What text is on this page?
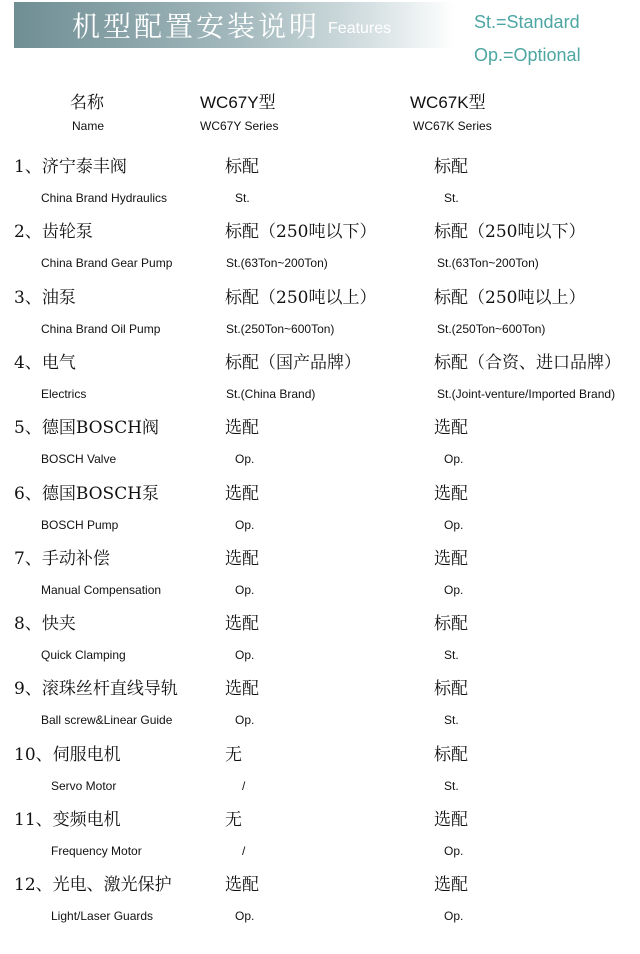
机型配置安装说明 Features	St.=Standard
Op.=Optional
名称
Name
WC67Y型
WC67Y Series
WC67K型
WC67K Series
1、济宁泰丰阀
China Brand Hydraulics
标配
St.
标配
St.
2、齿轮泵
China Brand Gear Pump
标配（250吨以下）
St.(63Ton~200Ton)
标配（250吨以下）
St.(63Ton~200Ton)
3、油泵
China Brand Oil Pump
标配（250吨以上）
St.(250Ton~600Ton)
标配（250吨以上）
St.(250Ton~600Ton)
4、电气
Electrics
标配（国产品牌）
St.(China Brand)
标配（合资、进口品牌）
St.(Joint-venture/Imported Brand)
5、德国BOSCH阀
BOSCH Valve
选配
Op.
选配
Op.
6、德国BOSCH泵
BOSCH Pump
选配
Op.
选配
Op.
7、手动补偿
Manual Compensation
选配
Op.
选配
Op.
8、快夹
Quick Clamping
选配
Op.
标配
St.
9、滚珠丝杆直线导轨
Ball screw&Linear Guide
选配
Op.
标配
St.
10、伺服电机
Servo Motor
无
/
标配
St.
11、变频电机
Frequency Motor
无
/
选配
Op.
12、光电、激光保护
Light/Laser Guards
选配
Op.
选配
Op.
